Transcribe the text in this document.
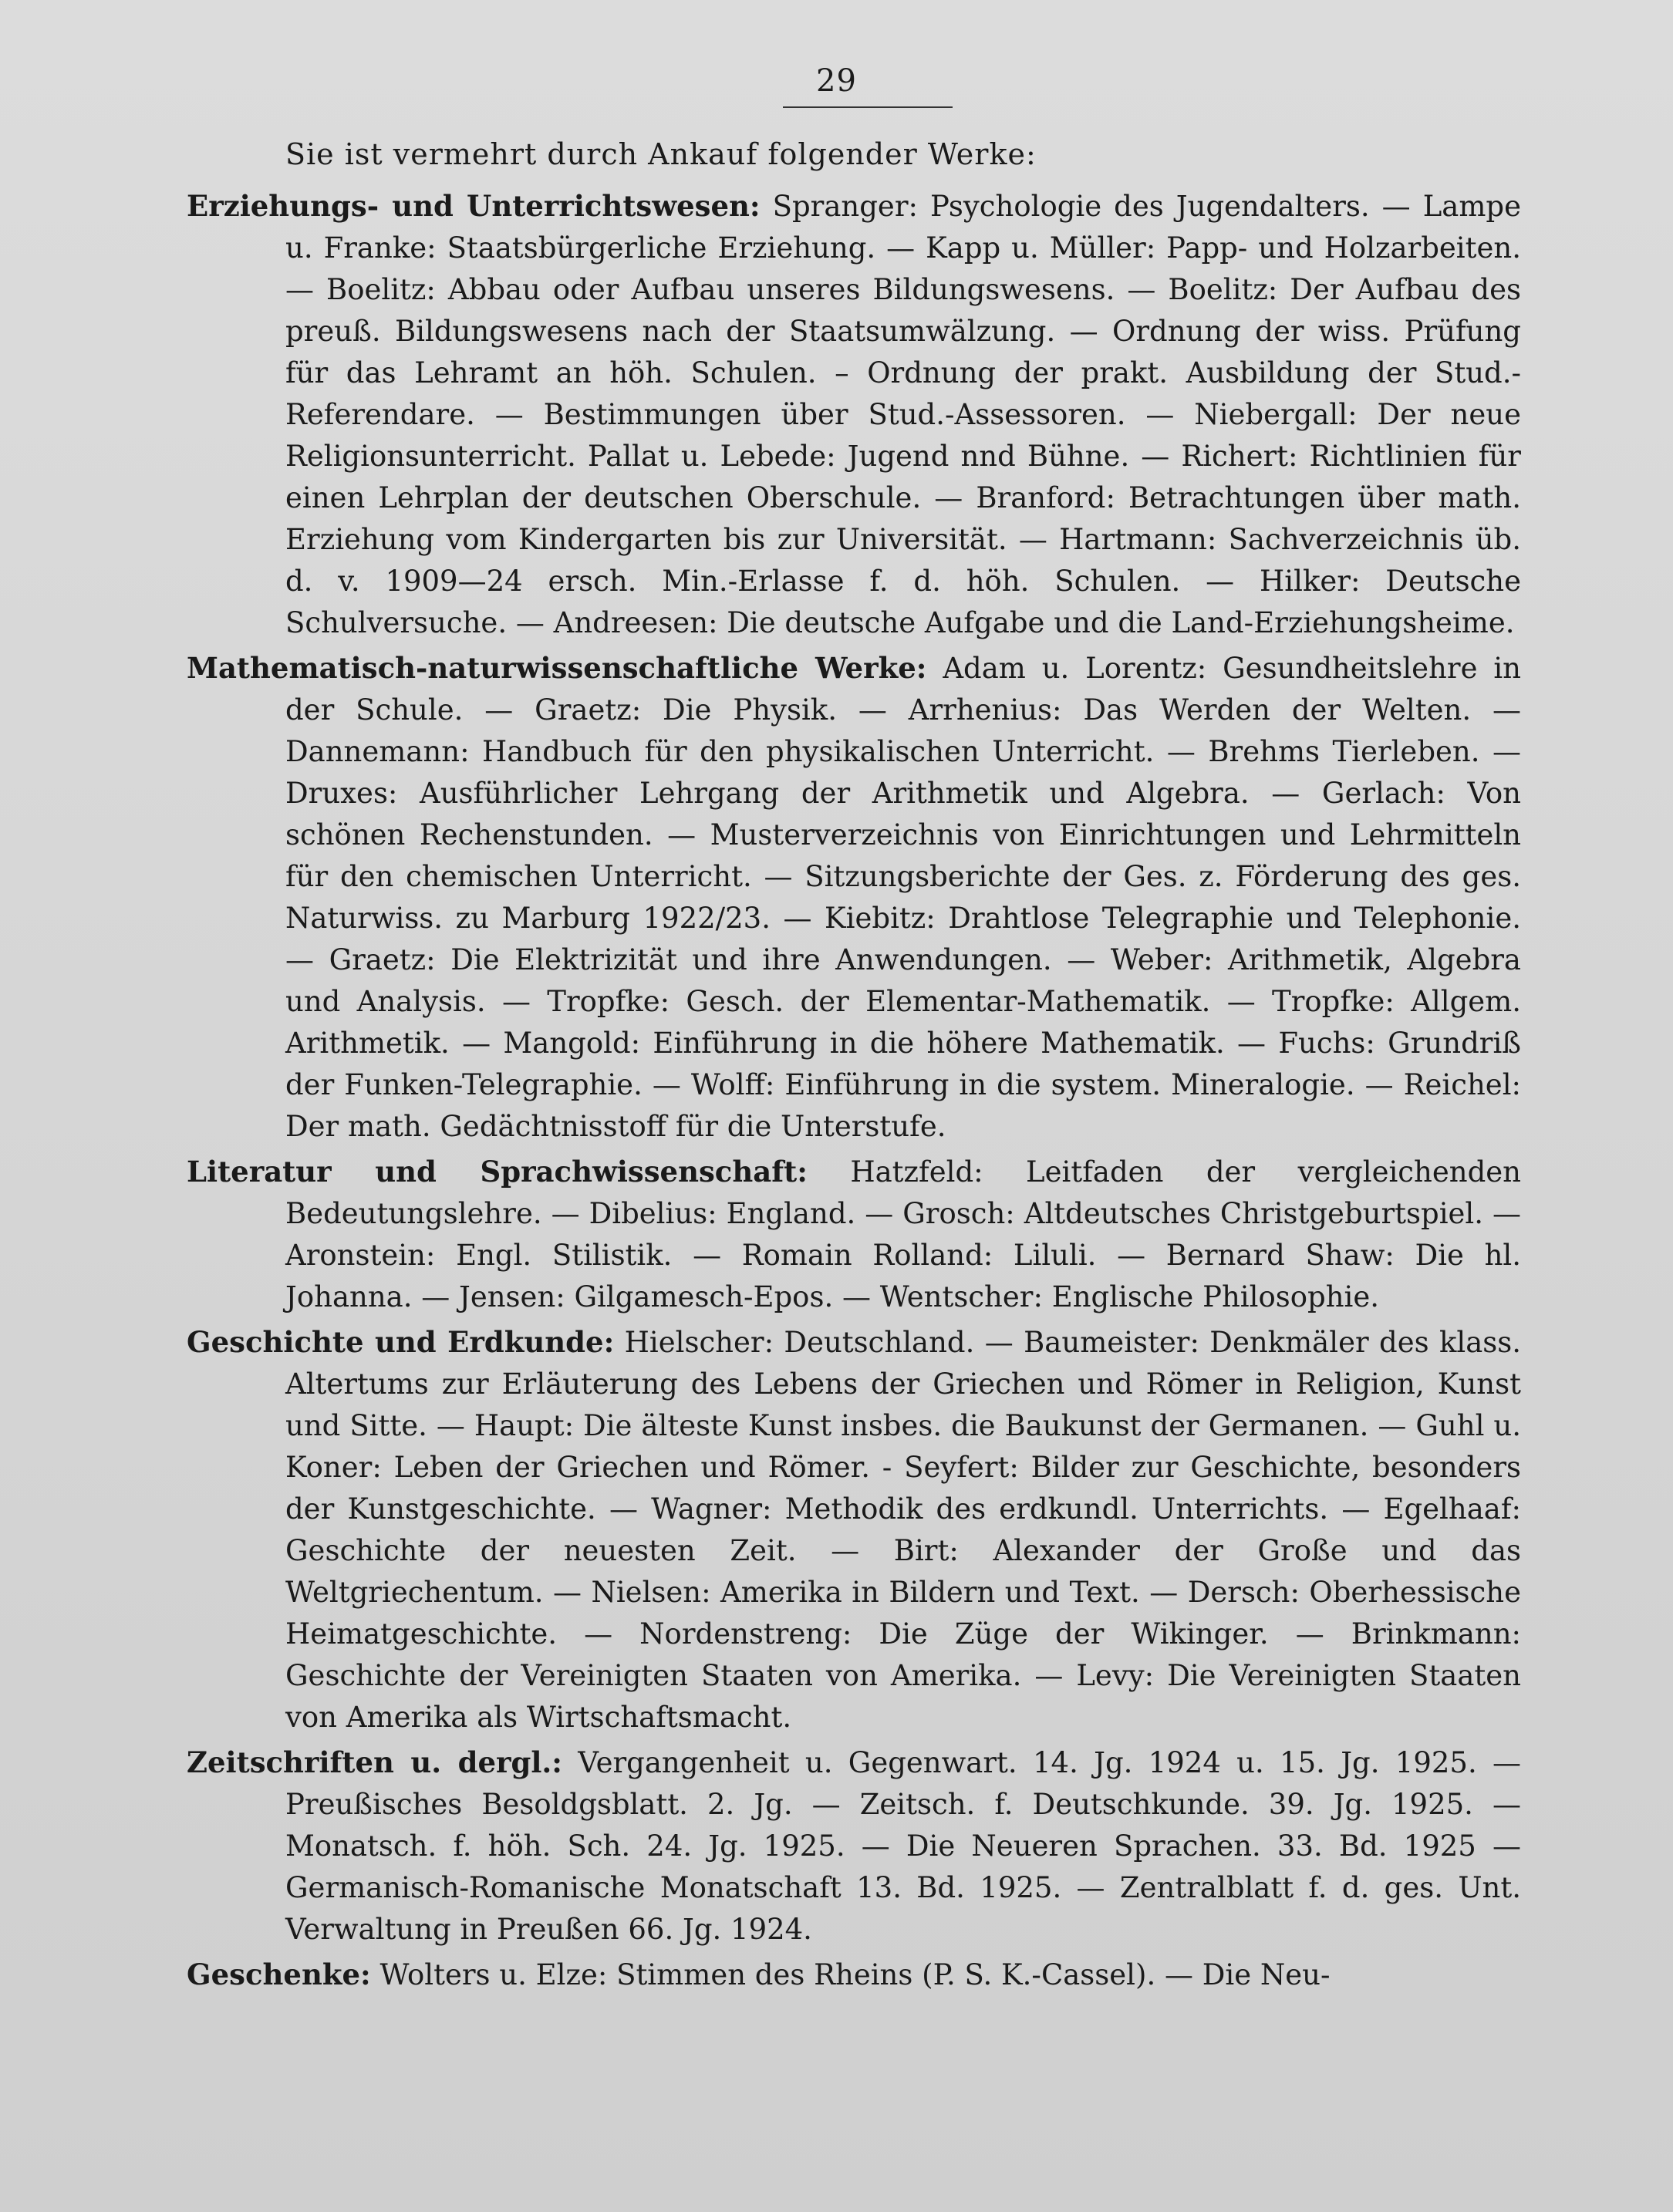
29
Sie ist vermehrt durch Ankauf folgender Werke:

Erziehungs- und Unterrichtswesen: Spranger: Psychologie des Jugendalters. — Lampe u. Franke: Staatsbürgerliche Erziehung. — Kapp u. Müller: Papp- und Holzarbeiten. — Boelitz: Abbau oder Aufbau unseres Bildungswesens. — Boelitz: Der Aufbau des preuß. Bildungswesens nach der Staatsumwälzung. — Ordnung der wiss. Prüfung für das Lehramt an höh. Schulen. – Ordnung der prakt. Ausbildung der Stud.-Referendare. — Bestimmungen über Stud.-Assessoren. — Niebergall: Der neue Religionsunterricht. Pallat u. Lebede: Jugend nnd Bühne. — Richert: Richtlinien für einen Lehrplan der deutschen Oberschule. — Branford: Betrachtungen über math. Erziehung vom Kindergarten bis zur Universität. — Hartmann: Sachverzeichnis üb. d. v. 1909—24 ersch. Min.-Erlasse f. d. höh. Schulen. — Hilker: Deutsche Schulversuche. — Andreesen: Die deutsche Aufgabe und die Land-Erziehungsheime.

Mathematisch-naturwissenschaftliche Werke: Adam u. Lorentz: Gesundheitslehre in der Schule. — Graetz: Die Physik. — Arrhenius: Das Werden der Welten. — Dannemann: Handbuch für den physikalischen Unterricht. — Brehms Tierleben. — Druxes: Ausführlicher Lehrgang der Arithmetik und Algebra. — Gerlach: Von schönen Rechenstunden. — Musterverzeichnis von Einrichtungen und Lehrmitteln für den chemischen Unterricht. — Sitzungsberichte der Ges. z. Förderung des ges. Naturwiss. zu Marburg 1922/23. — Kiebitz: Drahtlose Telegraphie und Telephonie. — Graetz: Die Elektrizität und ihre Anwendungen. — Weber: Arithmetik, Algebra und Analysis. — Tropfke: Gesch. der Elementar-Mathematik. — Tropfke: Allgem. Arithmetik. — Mangold: Einführung in die höhere Mathematik. — Fuchs: Grundriß der Funken-Telegraphie. — Wolff: Einführung in die system. Mineralogie. — Reichel: Der math. Gedächtnisstoff für die Unterstufe.

Literatur und Sprachwissenschaft: Hatzfeld: Leitfaden der vergleichenden Bedeutungslehre. — Dibelius: England. — Grosch: Altdeutsches Christgeburtspiel. — Aronstein: Engl. Stilistik. — Romain Rolland: Liluli. — Bernard Shaw: Die hl. Johanna. — Jensen: Gilgamesch-Epos. — Wentscher: Englische Philosophie.

Geschichte und Erdkunde: Hielscher: Deutschland. — Baumeister: Denkmäler des klass. Altertums zur Erläuterung des Lebens der Griechen und Römer in Religion, Kunst und Sitte. — Haupt: Die älteste Kunst insbes. die Baukunst der Germanen. — Guhl u. Koner: Leben der Griechen und Römer. - Seyfert: Bilder zur Geschichte, besonders der Kunstgeschichte. — Wagner: Methodik des erdkundl. Unterrichts. — Egelhaaf: Geschichte der neuesten Zeit. — Birt: Alexander der Große und das Weltgriechentum. — Nielsen: Amerika in Bildern und Text. — Dersch: Oberhessische Heimatgeschichte. — Nordenstreng: Die Züge der Wikinger. — Brinkmann: Geschichte der Vereinigten Staaten von Amerika. — Levy: Die Vereinigten Staaten von Amerika als Wirtschaftsmacht.

Zeitschriften u. dergl.: Vergangenheit u. Gegenwart. 14. Jg. 1924 u. 15. Jg. 1925. — Preußisches Besoldgsblatt. 2. Jg. — Zeitsch. f. Deutschkunde. 39. Jg. 1925. — Monatsch. f. höh. Sch. 24. Jg. 1925. — Die Neueren Sprachen. 33. Bd. 1925 — Germanisch-Romanische Monatschaft 13. Bd. 1925. — Zentralblatt f. d. ges. Unt. Verwaltung in Preußen 66. Jg. 1924.

Geschenke: Wolters u. Elze: Stimmen des Rheins (P. S. K.-Cassel). — Die Neu-
